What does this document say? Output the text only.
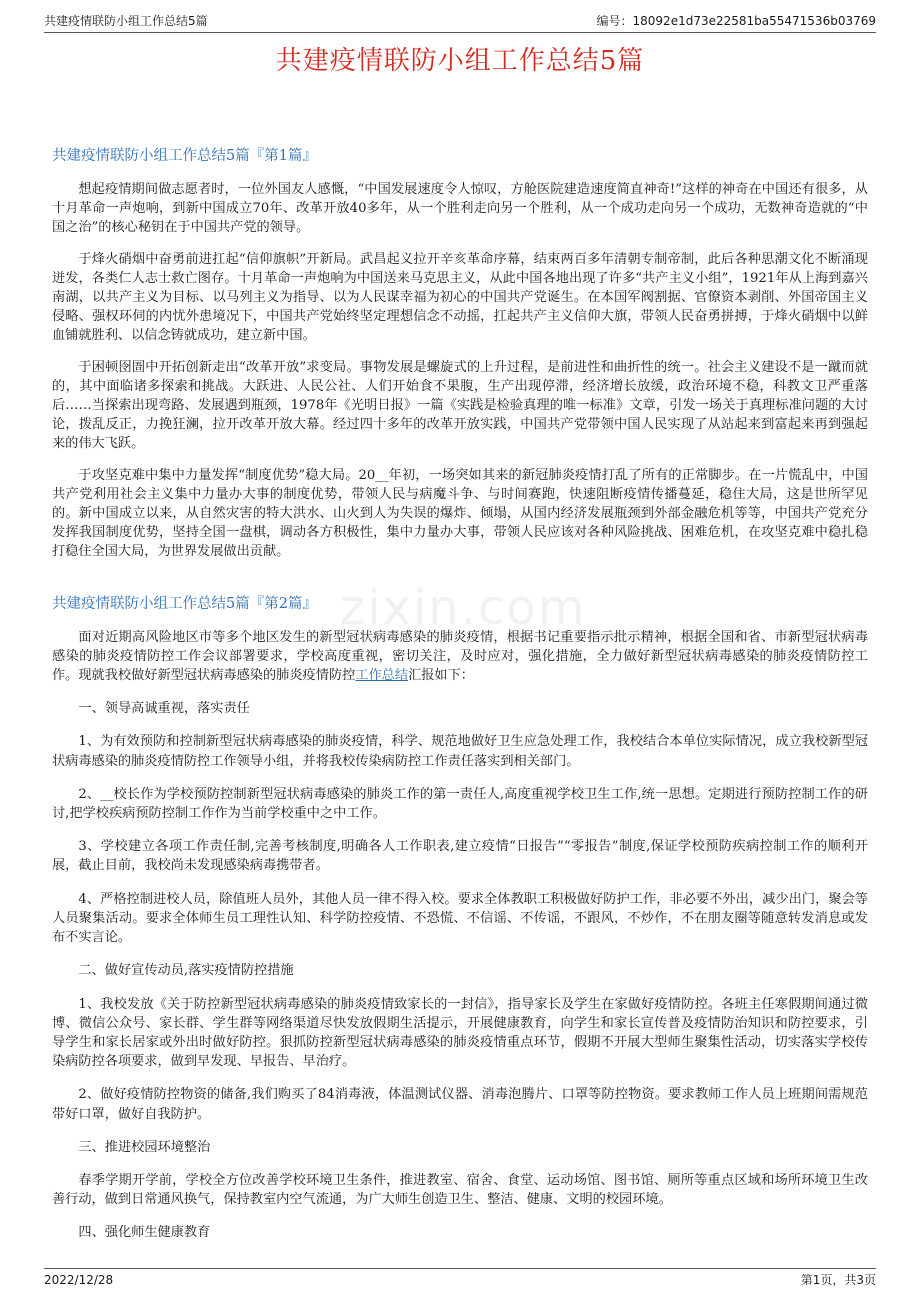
共建疫情联防小组工作总结5篇	编号：18092e1d73e22581ba55471536b03769
共建疫情联防小组工作总结5篇
zixin.com
共建疫情联防小组工作总结5篇『第1篇』

想起疫情期间做志愿者时，一位外国友人感慨，“中国发展速度令人惊叹，方舱医院建造速度简直神奇!”这样的神奇在中国还有很多，从十月革命一声炮响，到新中国成立70年、改革开放40多年，从一个胜利走向另一个胜利，从一个成功走向另一个成功，无数神奇造就的“中国之治”的核心秘钥在于中国共产党的领导。

于烽火硝烟中奋勇前进扛起“信仰旗帜”开新局。武昌起义拉开辛亥革命序幕，结束两百多年清朝专制帝制，此后各种思潮文化不断涌现迸发，各类仁人志士救亡图存。十月革命一声炮响为中国送来马克思主义，从此中国各地出现了许多“共产主义小组”，1921年从上海到嘉兴南湖，以共产主义为目标、以马列主义为指导、以为人民谋幸福为初心的中国共产党诞生。在本国军阀割据、官僚资本剥削、外国帝国主义侵略、强权环伺的内忧外患境况下，中国共产党始终坚定理想信念不动摇，扛起共产主义信仰大旗，带领人民奋勇拼搏，于烽火硝烟中以鲜血铺就胜利、以信念铸就成功，建立新中国。

于困顿囹圄中开拓创新走出“改革开放”求变局。事物发展是螺旋式的上升过程，是前进性和曲折性的统一。社会主义建设不是一蹴而就的，其中面临诸多探索和挑战。大跃进、人民公社、人们开始食不果腹，生产出现停滞，经济增长放缓，政治环境不稳，科教文卫严重落后……当探索出现弯路、发展遇到瓶颈，1978年《光明日报》一篇《实践是检验真理的唯一标准》文章，引发一场关于真理标准问题的大讨论，拨乱反正，力挽狂澜，拉开改革开放大幕。经过四十多年的改革开放实践，中国共产党带领中国人民实现了从站起来到富起来再到强起来的伟大飞跃。

于攻坚克难中集中力量发挥“制度优势”稳大局。20__年初，一场突如其来的新冠肺炎疫情打乱了所有的正常脚步。在一片慌乱中，中国共产党利用社会主义集中力量办大事的制度优势，带领人民与病魔斗争、与时间赛跑，快速阻断疫情传播蔓延，稳住大局，这是世所罕见的。新中国成立以来，从自然灾害的特大洪水、山火到人为失误的爆炸、倾塌，从国内经济发展瓶颈到外部金融危机等等，中国共产党充分发挥我国制度优势，坚持全国一盘棋，调动各方积极性，集中力量办大事，带领人民应该对各种风险挑战、困难危机，在攻坚克难中稳扎稳打稳住全国大局，为世界发展做出贡献。

共建疫情联防小组工作总结5篇『第2篇』

面对近期高风险地区市等多个地区发生的新型冠状病毒感染的肺炎疫情，根据书记重要指示批示精神，根据全国和省、市新型冠状病毒感染的肺炎疫情防控工作会议部署要求，学校高度重视，密切关注，及时应对，强化措施，全力做好新型冠状病毒感染的肺炎疫情防控工作。现就我校做好新型冠状病毒感染的肺炎疫情防控工作总结汇报如下：

一、领导高诚重视，落实责任

1、为有效预防和控制新型冠状病毒感染的肺炎疫情，科学、规范地做好卫生应急处理工作，我校结合本单位实际情况，成立我校新型冠状病毒感染的肺炎疫情防控工作领导小组，并将我校传染病防控工作责任落实到相关部门。

2、__校长作为学校预防控制新型冠状病毒感染的肺炎工作的第一责任人,高度重视学校卫生工作,统一思想。定期进行预防控制工作的研讨,把学校疾病预防控制工作作为当前学校重中之中工作。

3、学校建立各项工作责任制,完善考核制度,明确各人工作职表,建立疫情“日报告”“零报告”制度,保证学校预防疾病控制工作的顺利开展，截止目前，我校尚未发现感染病毒携带者。

4、严格控制进校人员，除值班人员外，其他人员一律不得入校。要求全体教职工积极做好防护工作，非必要不外出，减少出门，聚会等人员聚集活动。要求全体师生员工理性认知、科学防控疫情、不恐慌、不信谣、不传谣，不跟风，不炒作，不在朋友圈等随意转发消息或发布不实言论。

二、做好宣传动员,落实疫情防控措施

1、我校发放《关于防控新型冠状病毒感染的肺炎疫情致家长的一封信》，指导家长及学生在家做好疫情防控。各班主任寒假期间通过微博、微信公众号、家长群、学生群等网络渠道尽快发放假期生活提示，开展健康教育，向学生和家长宣传普及疫情防治知识和防控要求，引导学生和家长居家或外出时做好防控。狠抓防控新型冠状病毒感染的肺炎疫情重点环节，假期不开展大型师生聚集性活动，切实落实学校传染病防控各项要求，做到早发现、早报告、早治疗。

2、做好疫情防控物资的储备,我们购买了84消毒液，体温测试仪器、消毒泡腾片、口罩等防控物资。要求教师工作人员上班期间需规范带好口罩，做好自我防护。

三、推进校园环境整治

春季学期开学前，学校全方位改善学校环境卫生条件，推进教室、宿舍、食堂、运动场馆、图书馆、厕所等重点区域和场所环境卫生改善行动，做到日常通风换气，保持教室内空气流通，为广大师生创造卫生、整洁、健康、文明的校园环境。

四、强化师生健康教育

2022/12/28	第1页，共3页
